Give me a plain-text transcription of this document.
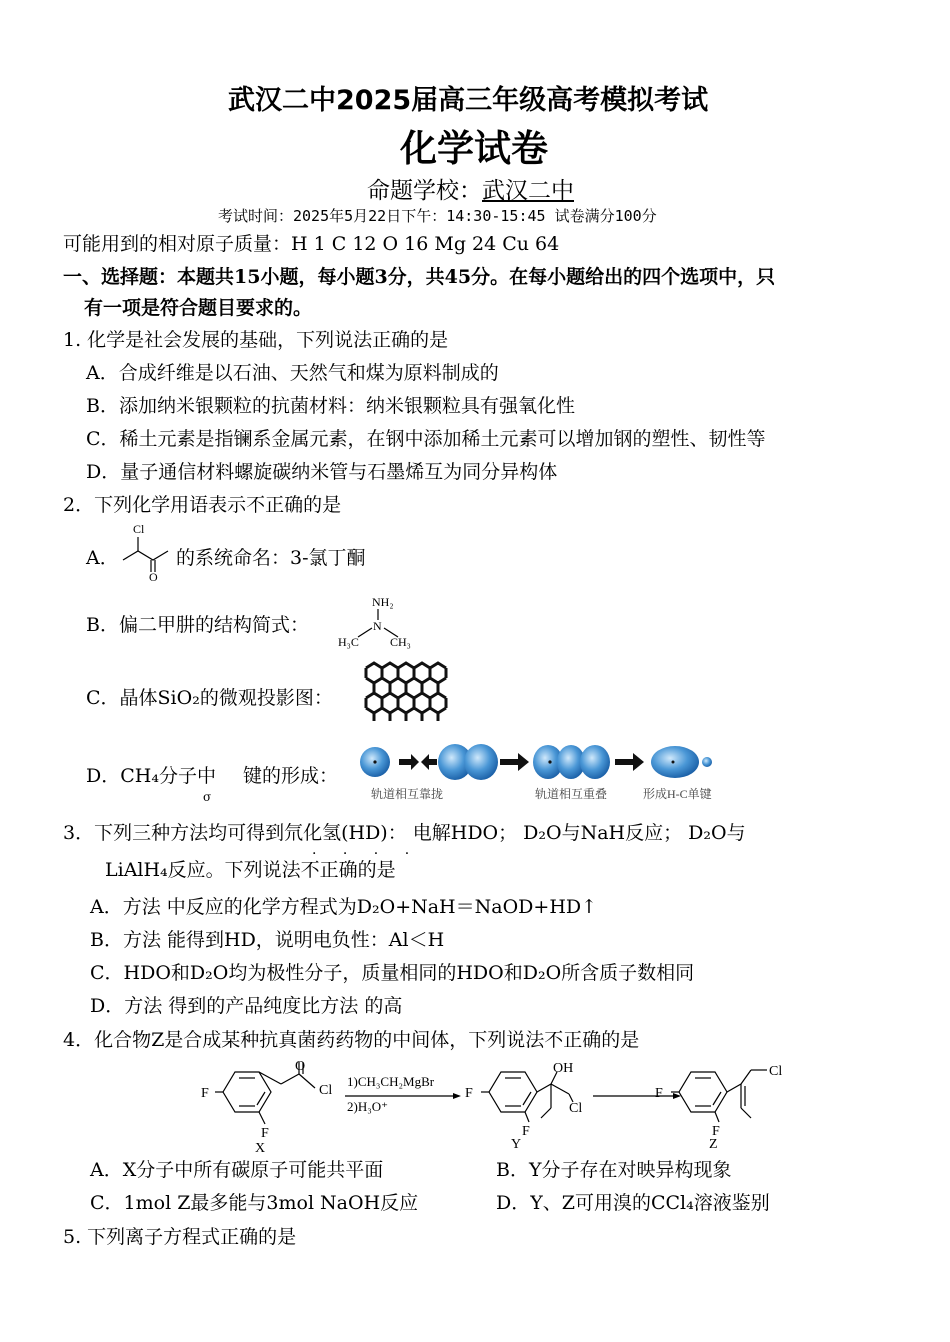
武汉二中2025届高三年级高考模拟考试
化学试卷
命题学校：武汉二中
考试时间：2025年5月22日下午：14:30-15:45 试卷满分100分
可能用到的相对原子质量：H 1 C 12 O 16 Mg 24 Cu 64
一、选择题：本题共15小题，每小题3分，共45分。在每小题给出的四个选项中，只
有一项是符合题目要求的。
1. 化学是社会发展的基础，下列说法正确的是
A．合成纤维是以石油、天然气和煤为原料制成的
B．添加纳米银颗粒的抗菌材料：纳米银颗粒具有强氧化性
C．稀土元素是指镧系金属元素，在钢中添加稀土元素可以增加钢的塑性、韧性等
D．量子通信材料螺旋碳纳米管与石墨烯互为同分异构体
2．下列化学用语表示不正确的是
A．
Cl
O
的系统命名：3-氯丁酮
B．偏二甲肼的结构简式：
NH₂
N
H₃C	CH₃
C．晶体SiO₂的微观投影图：
D．CH₄分子中
σ
键的形成：
轨道相互靠拢	轨道相互重叠	形成H-C单键
3．下列三种方法均可得到氘化氢(HD)： 电解HDO； D₂O与NaH反应； D₂O与
· · · ·
LiAlH₄反应。下列说法不正确的是
A．方法 中反应的化学方程式为D₂O+NaH＝NaOD+HD↑
B．方法 能得到HD，说明电负性：Al＜H
C．HDO和D₂O均为极性分子，质量相同的HDO和D₂O所含质子数相同
D．方法 得到的产品纯度比方法 的高
4．化合物Z是合成某种抗真菌药药物的中间体，下列说法不正确的是
F
F
O
Cl
X
1)CH₃CH₂MgBr
2)H₃O⁺
F
F
OH
Cl
Y
F
F
Cl
Z
A．X分子中所有碳原子可能共平面	B．Y分子存在对映异构现象
C．1mol Z最多能与3mol NaOH反应	D．Y、Z可用溴的CCl₄溶液鉴别
5. 下列离子方程式正确的是
